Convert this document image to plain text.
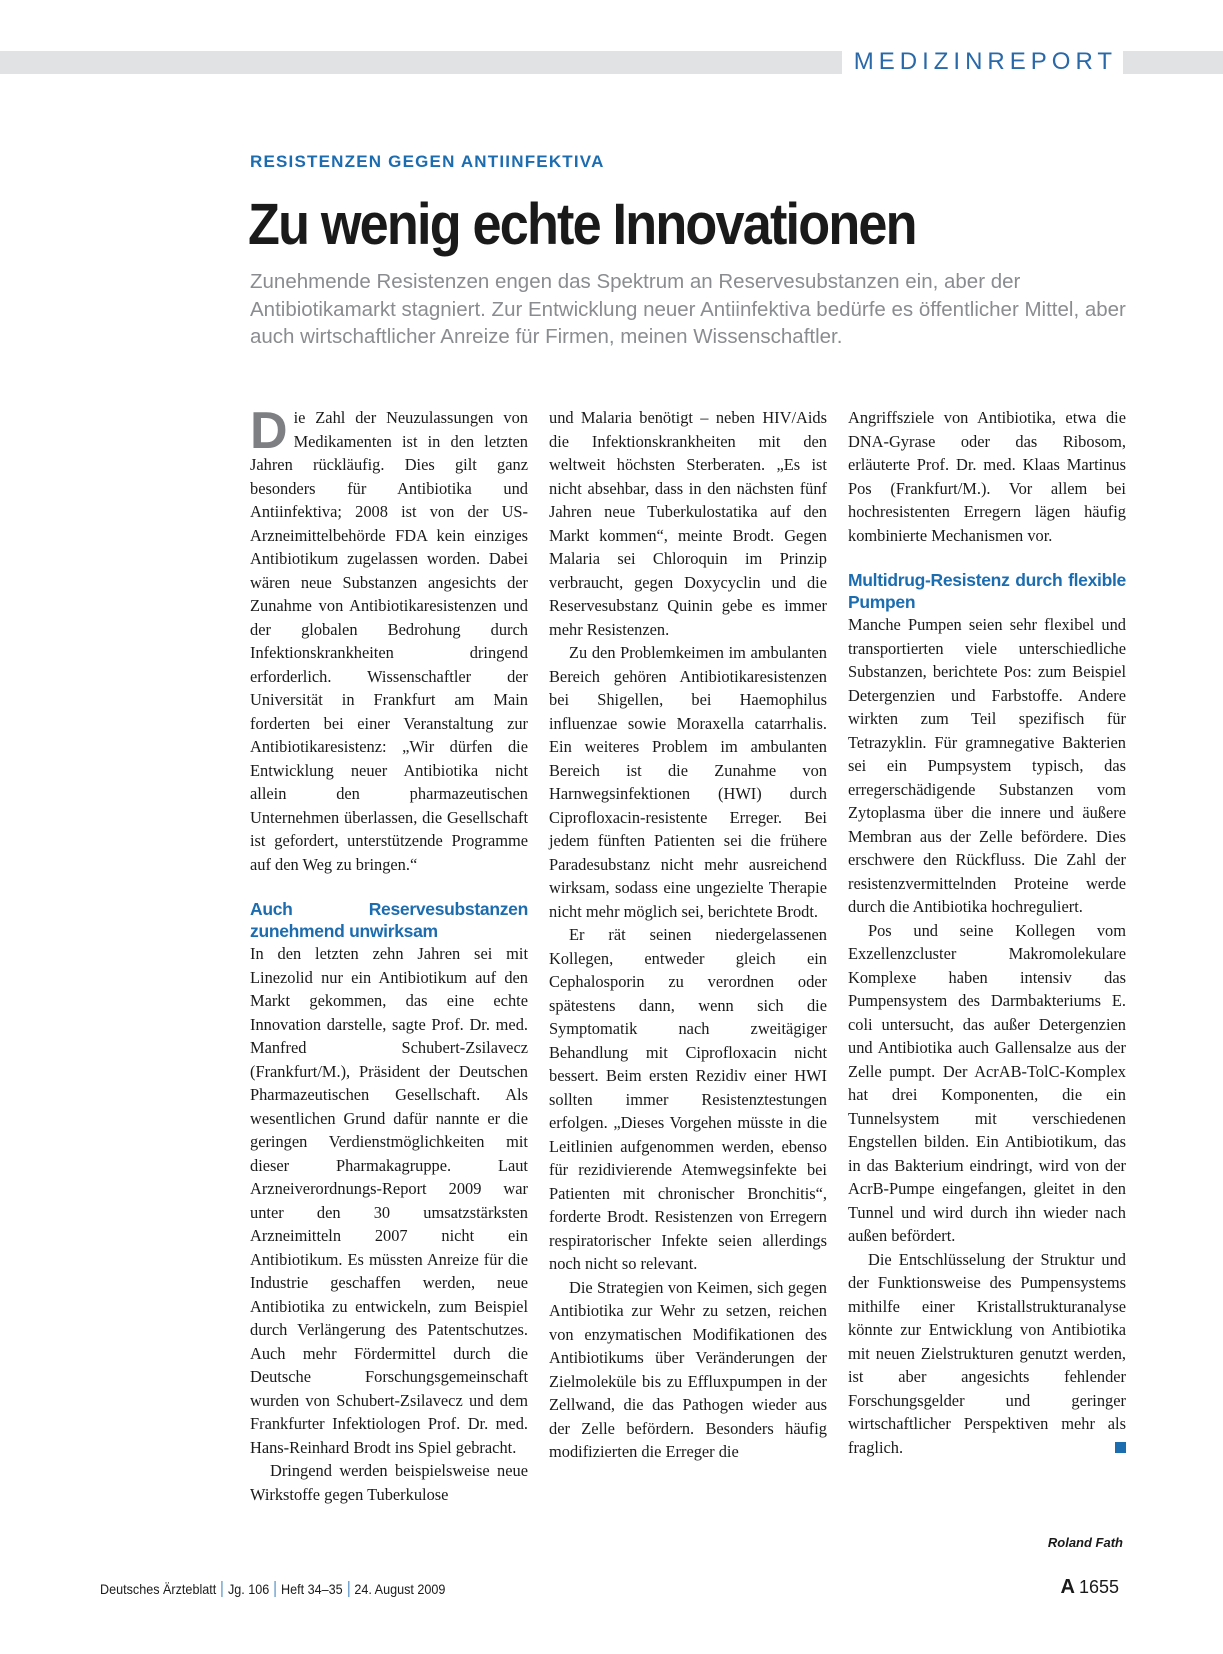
MEDIZINREPORT
RESISTENZEN GEGEN ANTIINFEKTIVA
Zu wenig echte Innovationen
Zunehmende Resistenzen engen das Spektrum an Reservesubstanzen ein, aber der Antibiotikamarkt stagniert. Zur Entwicklung neuer Antiinfektiva bedürfe es öffentlicher Mittel, aber auch wirtschaftlicher Anreize für Firmen, meinen Wissenschaftler.

Die Zahl der Neuzulassungen von Medikamenten ist in den letzten Jahren rückläufig. Dies gilt ganz besonders für Antibiotika und Antiinfektiva; 2008 ist von der US-Arzneimittelbehörde FDA kein einziges Antibiotikum zugelassen worden. Dabei wären neue Substanzen angesichts der Zunahme von Antibiotikaresistenzen und der globalen Bedrohung durch Infektionskrankheiten dringend erforderlich. Wissenschaftler der Universität in Frankfurt am Main forderten bei einer Veranstaltung zur Antibiotikaresistenz: „Wir dürfen die Entwicklung neuer Antibiotika nicht allein den pharmazeutischen Unternehmen überlassen, die Gesellschaft ist gefordert, unterstützende Programme auf den Weg zu bringen.“

Auch Reservesubstanzen zunehmend unwirksam

In den letzten zehn Jahren sei mit Linezolid nur ein Antibiotikum auf den Markt gekommen, das eine echte Innovation darstelle, sagte Prof. Dr. med. Manfred Schubert-Zsilavecz (Frankfurt/M.), Präsident der Deutschen Pharmazeutischen Gesellschaft. Als wesentlichen Grund dafür nannte er die geringen Verdienstmöglichkeiten mit dieser Pharmakagruppe. Laut Arzneiverordnungs-Report 2009 war unter den 30 umsatzstärksten Arzneimitteln 2007 nicht ein Antibiotikum. Es müssten Anreize für die Industrie geschaffen werden, neue Antibiotika zu entwickeln, zum Beispiel durch Verlängerung des Patentschutzes. Auch mehr Fördermittel durch die Deutsche Forschungsgemeinschaft wurden von Schubert-Zsilavecz und dem Frankfurter Infektiologen Prof. Dr. med. Hans-Reinhard Brodt ins Spiel gebracht.

Dringend werden beispielsweise neue Wirkstoffe gegen Tuberkulose

und Malaria benötigt – neben HIV/Aids die Infektionskrankheiten mit den weltweit höchsten Sterberaten. „Es ist nicht absehbar, dass in den nächsten fünf Jahren neue Tuberkulostatika auf den Markt kommen“, meinte Brodt. Gegen Malaria sei Chloroquin im Prinzip verbraucht, gegen Doxycyclin und die Reservesubstanz Quinin gebe es immer mehr Resistenzen.

Zu den Problemkeimen im ambulanten Bereich gehören Antibiotikaresistenzen bei Shigellen, bei Haemophilus influenzae sowie Moraxella catarrhalis. Ein weiteres Problem im ambulanten Bereich ist die Zunahme von Harnwegsinfektionen (HWI) durch Ciprofloxacin-resistente Erreger. Bei jedem fünften Patienten sei die frühere Paradesubstanz nicht mehr ausreichend wirksam, sodass eine ungezielte Therapie nicht mehr möglich sei, berichtete Brodt.

Er rät seinen niedergelassenen Kollegen, entweder gleich ein Cephalosporin zu verordnen oder spätestens dann, wenn sich die Symptomatik nach zweitägiger Behandlung mit Ciprofloxacin nicht bessert. Beim ersten Rezidiv einer HWI sollten immer Resistenztestungen erfolgen. „Dieses Vorgehen müsste in die Leitlinien aufgenommen werden, ebenso für rezidivierende Atemwegsinfekte bei Patienten mit chronischer Bronchitis“, forderte Brodt. Resistenzen von Erregern respiratorischer Infekte seien allerdings noch nicht so relevant.

Die Strategien von Keimen, sich gegen Antibiotika zur Wehr zu setzen, reichen von enzymatischen Modifikationen des Antibiotikums über Veränderungen der Zielmoleküle bis zu Effluxpumpen in der Zellwand, die das Pathogen wieder aus der Zelle befördern. Besonders häufig modifizierten die Erreger die

Angriffsziele von Antibiotika, etwa die DNA-Gyrase oder das Ribosom, erläuterte Prof. Dr. med. Klaas Martinus Pos (Frankfurt/M.). Vor allem bei hochresistenten Erregern lägen häufig kombinierte Mechanismen vor.

Multidrug-Resistenz durch flexible Pumpen

Manche Pumpen seien sehr flexibel und transportierten viele unterschiedliche Substanzen, berichtete Pos: zum Beispiel Detergenzien und Farbstoffe. Andere wirkten zum Teil spezifisch für Tetrazyklin. Für gramnegative Bakterien sei ein Pumpsystem typisch, das erregerschädigende Substanzen vom Zytoplasma über die innere und äußere Membran aus der Zelle befördere. Dies erschwere den Rückfluss. Die Zahl der resistenzvermittelnden Proteine werde durch die Antibiotika hochreguliert.

Pos und seine Kollegen vom Exzellenzcluster Makromolekulare Komplexe haben intensiv das Pumpensystem des Darmbakteriums E. coli untersucht, das außer Detergenzien und Antibiotika auch Gallensalze aus der Zelle pumpt. Der AcrAB-TolC-Komplex hat drei Komponenten, die ein Tunnelsystem mit verschiedenen Engstellen bilden. Ein Antibiotikum, das in das Bakterium eindringt, wird von der AcrB-Pumpe eingefangen, gleitet in den Tunnel und wird durch ihn wieder nach außen befördert.

Die Entschlüsselung der Struktur und der Funktionsweise des Pumpensystems mithilfe einer Kristallstrukturanalyse könnte zur Entwicklung von Antibiotika mit neuen Zielstrukturen genutzt werden, ist aber angesichts fehlender Forschungsgelder und geringer wirtschaftlicher Perspektiven mehr als fraglich.

Roland Fath
Deutsches Ärzteblatt Jg. 106 Heft 34–35 24. August 2009	A 1655
